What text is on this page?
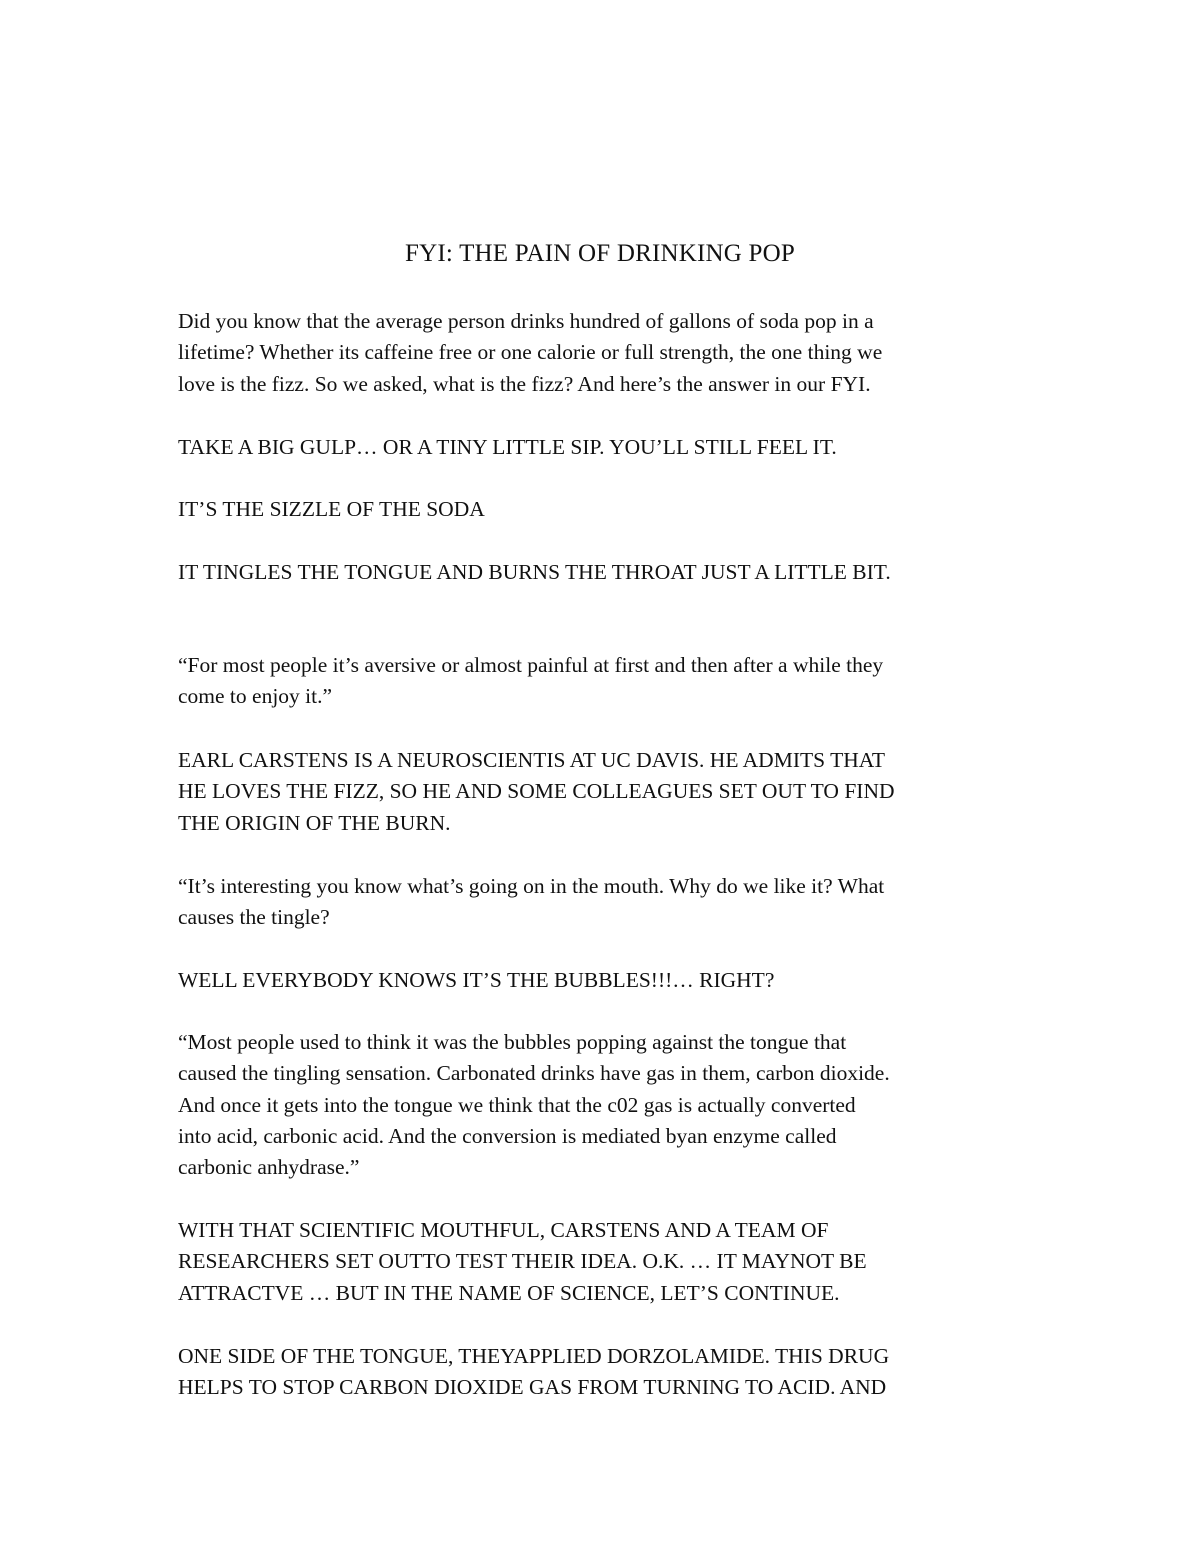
FYI: THE PAIN OF DRINKING POP

Did you know that the average person drinks hundred of gallons of soda pop in a
lifetime? Whether its caffeine free or one calorie or full strength, the one thing we
love is the fizz. So we asked, what is the fizz? And here’s the answer in our FYI.

TAKE A BIG GULP… OR A TINY LITTLE SIP. YOU’LL STILL FEEL IT.

IT’S THE SIZZLE OF THE SODA

IT TINGLES THE TONGUE AND BURNS THE THROAT JUST A LITTLE BIT.

“For most people it’s aversive or almost painful at first and then after a while they
come to enjoy it.”

EARL CARSTENS IS A NEUROSCIENTIS AT UC DAVIS. HE ADMITS THAT
HE LOVES THE FIZZ, SO HE AND SOME COLLEAGUES SET OUT TO FIND
THE ORIGIN OF THE BURN.

“It’s interesting you know what’s going on in the mouth. Why do we like it? What
causes the tingle?

WELL EVERYBODY KNOWS IT’S THE BUBBLES!!!… RIGHT?

“Most people used to think it was the bubbles popping against the tongue that
caused the tingling sensation. Carbonated drinks have gas in them, carbon dioxide.
And once it gets into the tongue we think that the c02 gas is actually converted
into acid, carbonic acid. And the conversion is mediated byan enzyme called
carbonic anhydrase.”

WITH THAT SCIENTIFIC MOUTHFUL, CARSTENS AND A TEAM OF
RESEARCHERS SET OUTTO TEST THEIR IDEA. O.K. … IT MAYNOT BE
ATTRACTVE … BUT IN THE NAME OF SCIENCE, LET’S CONTINUE.

ONE SIDE OF THE TONGUE, THEYAPPLIED DORZOLAMIDE. THIS DRUG
HELPS TO STOP CARBON DIOXIDE GAS FROM TURNING TO ACID. AND
